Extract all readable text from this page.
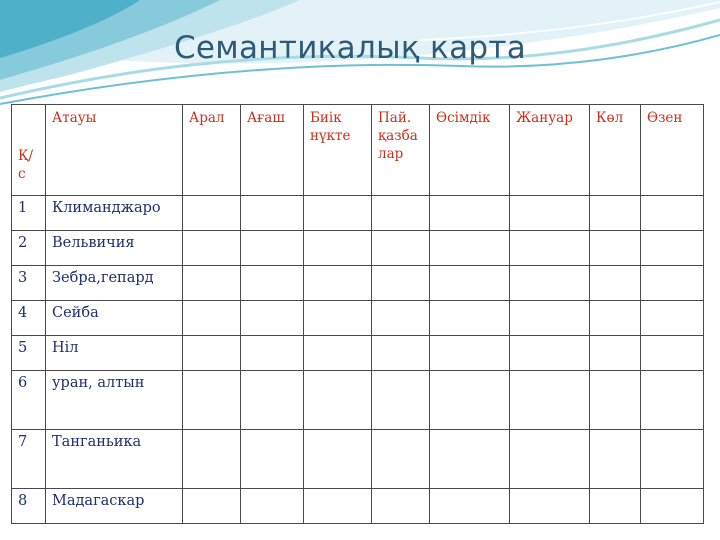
Семантикалық карта
Қ/с	Атауы	Арал	Ағаш	Биік нүкте	Пай. қазба лар	Өсімдік	Жануар	Көл	Өзен
1	Климанджаро								
2	Вельвичия								
3	Зебра,гепард								
4	Сейба								
5	Ніл								
6	уран, алтын								
7	Танганьика								
8	Мадагаскар								
